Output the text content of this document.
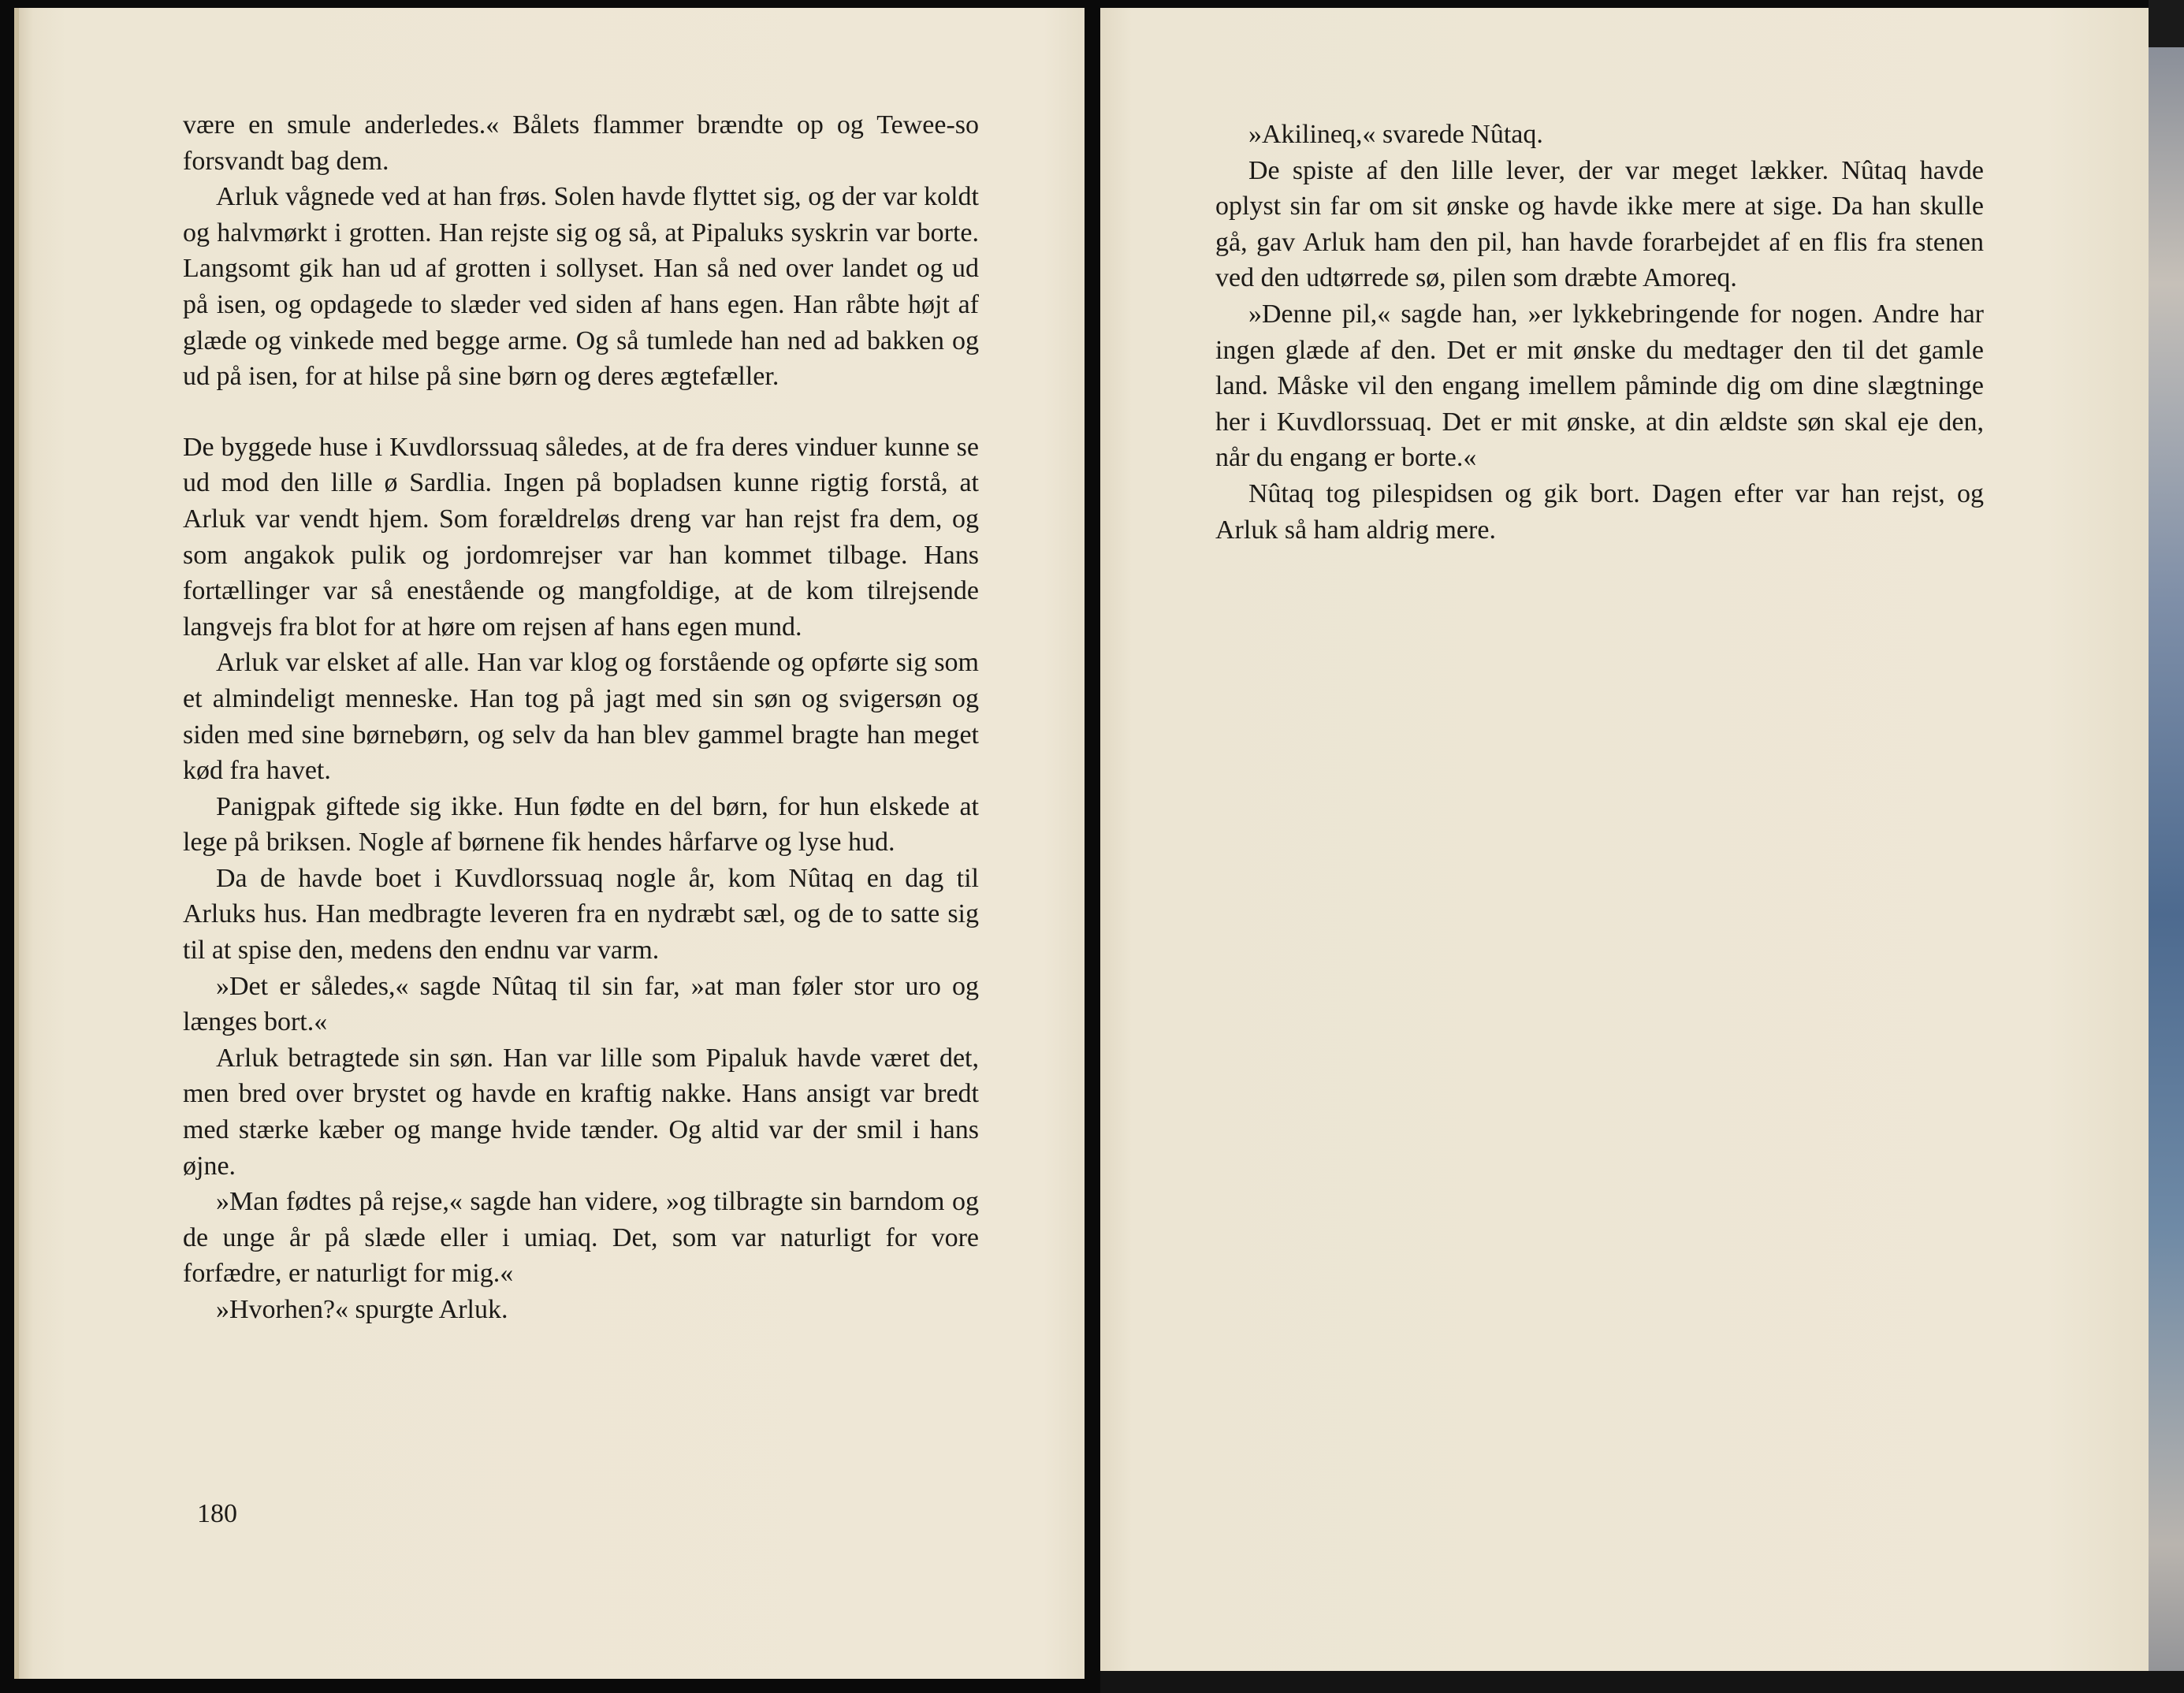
være en smule anderledes.« Bålets flammer brændte op og Tewee-so forsvandt bag dem.

Arluk vågnede ved at han frøs. Solen havde flyttet sig, og der var koldt og halvmørkt i grotten. Han rejste sig og så, at Pipaluks syskrin var borte. Langsomt gik han ud af grotten i sollyset. Han så ned over landet og ud på isen, og opdagede to slæder ved siden af hans egen. Han råbte højt af glæde og vinkede med begge arme. Og så tumlede han ned ad bakken og ud på isen, for at hilse på sine børn og deres ægtefæller.

De byggede huse i Kuvdlorssuaq således, at de fra deres vinduer kunne se ud mod den lille ø Sardlia. Ingen på bopladsen kunne rigtig forstå, at Arluk var vendt hjem. Som forældreløs dreng var han rejst fra dem, og som angakok pulik og jordomrejser var han kommet tilbage. Hans fortællinger var så enestående og mangfoldige, at de kom tilrejsende langvejs fra blot for at høre om rejsen af hans egen mund.

Arluk var elsket af alle. Han var klog og forstående og opførte sig som et almindeligt menneske. Han tog på jagt med sin søn og svigersøn og siden med sine børnebørn, og selv da han blev gammel bragte han meget kød fra havet.

Panigpak giftede sig ikke. Hun fødte en del børn, for hun elskede at lege på briksen. Nogle af børnene fik hendes hårfarve og lyse hud.

Da de havde boet i Kuvdlorssuaq nogle år, kom Nûtaq en dag til Arluks hus. Han medbragte leveren fra en nydræbt sæl, og de to satte sig til at spise den, medens den endnu var varm.

»Det er således,« sagde Nûtaq til sin far, »at man føler stor uro og længes bort.«

Arluk betragtede sin søn. Han var lille som Pipaluk havde været det, men bred over brystet og havde en kraftig nakke. Hans ansigt var bredt med stærke kæber og mange hvide tænder. Og altid var der smil i hans øjne.

»Man fødtes på rejse,« sagde han videre, »og tilbragte sin barndom og de unge år på slæde eller i umiaq. Det, som var naturligt for vore forfædre, er naturligt for mig.«

»Hvorhen?« spurgte Arluk.

180

»Akilineq,« svarede Nûtaq.

De spiste af den lille lever, der var meget lækker. Nûtaq havde oplyst sin far om sit ønske og havde ikke mere at sige. Da han skulle gå, gav Arluk ham den pil, han havde forarbejdet af en flis fra stenen ved den udtørrede sø, pilen som dræbte Amoreq.

»Denne pil,« sagde han, »er lykkebringende for nogen. Andre har ingen glæde af den. Det er mit ønske du medtager den til det gamle land. Måske vil den engang imellem påminde dig om dine slægtninge her i Kuvdlorssuaq. Det er mit ønske, at din ældste søn skal eje den, når du engang er borte.«

Nûtaq tog pilespidsen og gik bort. Dagen efter var han rejst, og Arluk så ham aldrig mere.
